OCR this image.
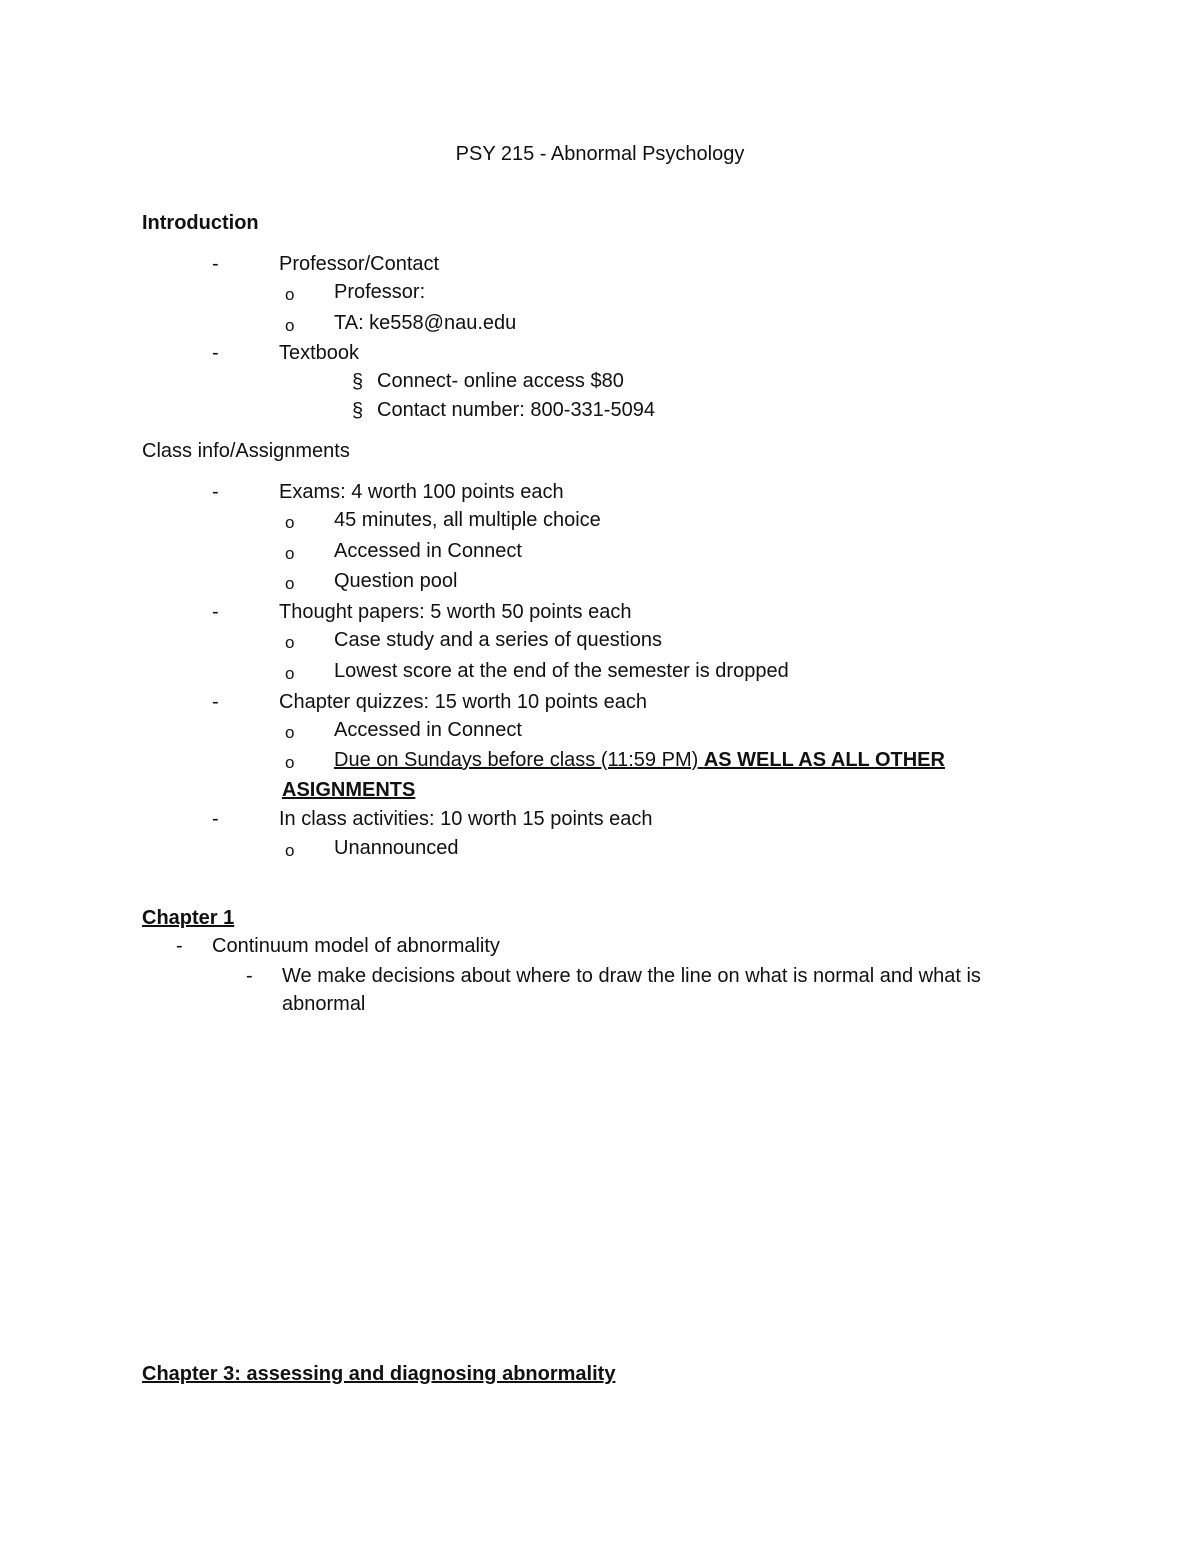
PSY 215 - Abnormal Psychology
Introduction
-	Professor/Contact
o Professor:
o TA: ke558@nau.edu
-	Textbook
§ Connect- online access $80
§ Contact number: 800-331-5094
Class info/Assignments
-	Exams: 4 worth 100 points each
o 45 minutes, all multiple choice
o Accessed in Connect
o Question pool
-	Thought papers: 5 worth 50 points each
o Case study and a series of questions
o Lowest score at the end of the semester is dropped
-	Chapter quizzes: 15 worth 10 points each
o Accessed in Connect
o Due on Sundays before class (11:59 PM) AS WELL AS ALL OTHER
ASIGNMENTS
-	In class activities: 10 worth 15 points each
o Unannounced
Chapter 1
- Continuum model of abnormality
- We make decisions about where to draw the line on what is normal and what is
abnormal
Chapter 3: assessing and diagnosing abnormality
